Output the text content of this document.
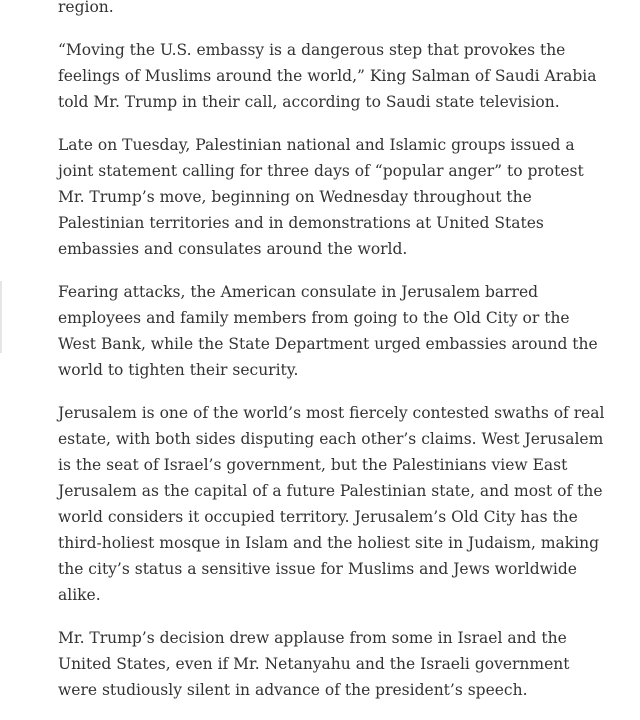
region.

“Moving the U.S. embassy is a dangerous step that provokes the feelings of Muslims around the world,” King Salman of Saudi Arabia told Mr. Trump in their call, according to Saudi state television.

Late on Tuesday, Palestinian national and Islamic groups issued a joint statement calling for three days of “popular anger” to protest Mr. Trump’s move, beginning on Wednesday throughout the Palestinian territories and in demonstrations at United States embassies and consulates around the world.

Fearing attacks, the American consulate in Jerusalem barred employees and family members from going to the Old City or the West Bank, while the State Department urged embassies around the world to tighten their security.

Jerusalem is one of the world’s most fiercely contested swaths of real estate, with both sides disputing each other’s claims. West Jerusalem is the seat of Israel’s government, but the Palestinians view East Jerusalem as the capital of a future Palestinian state, and most of the world considers it occupied territory. Jerusalem’s Old City has the third-holiest mosque in Islam and the holiest site in Judaism, making the city’s status a sensitive issue for Muslims and Jews worldwide alike.

Mr. Trump’s decision drew applause from some in Israel and the United States, even if Mr. Netanyahu and the Israeli government were studiously silent in advance of the president’s speech.
